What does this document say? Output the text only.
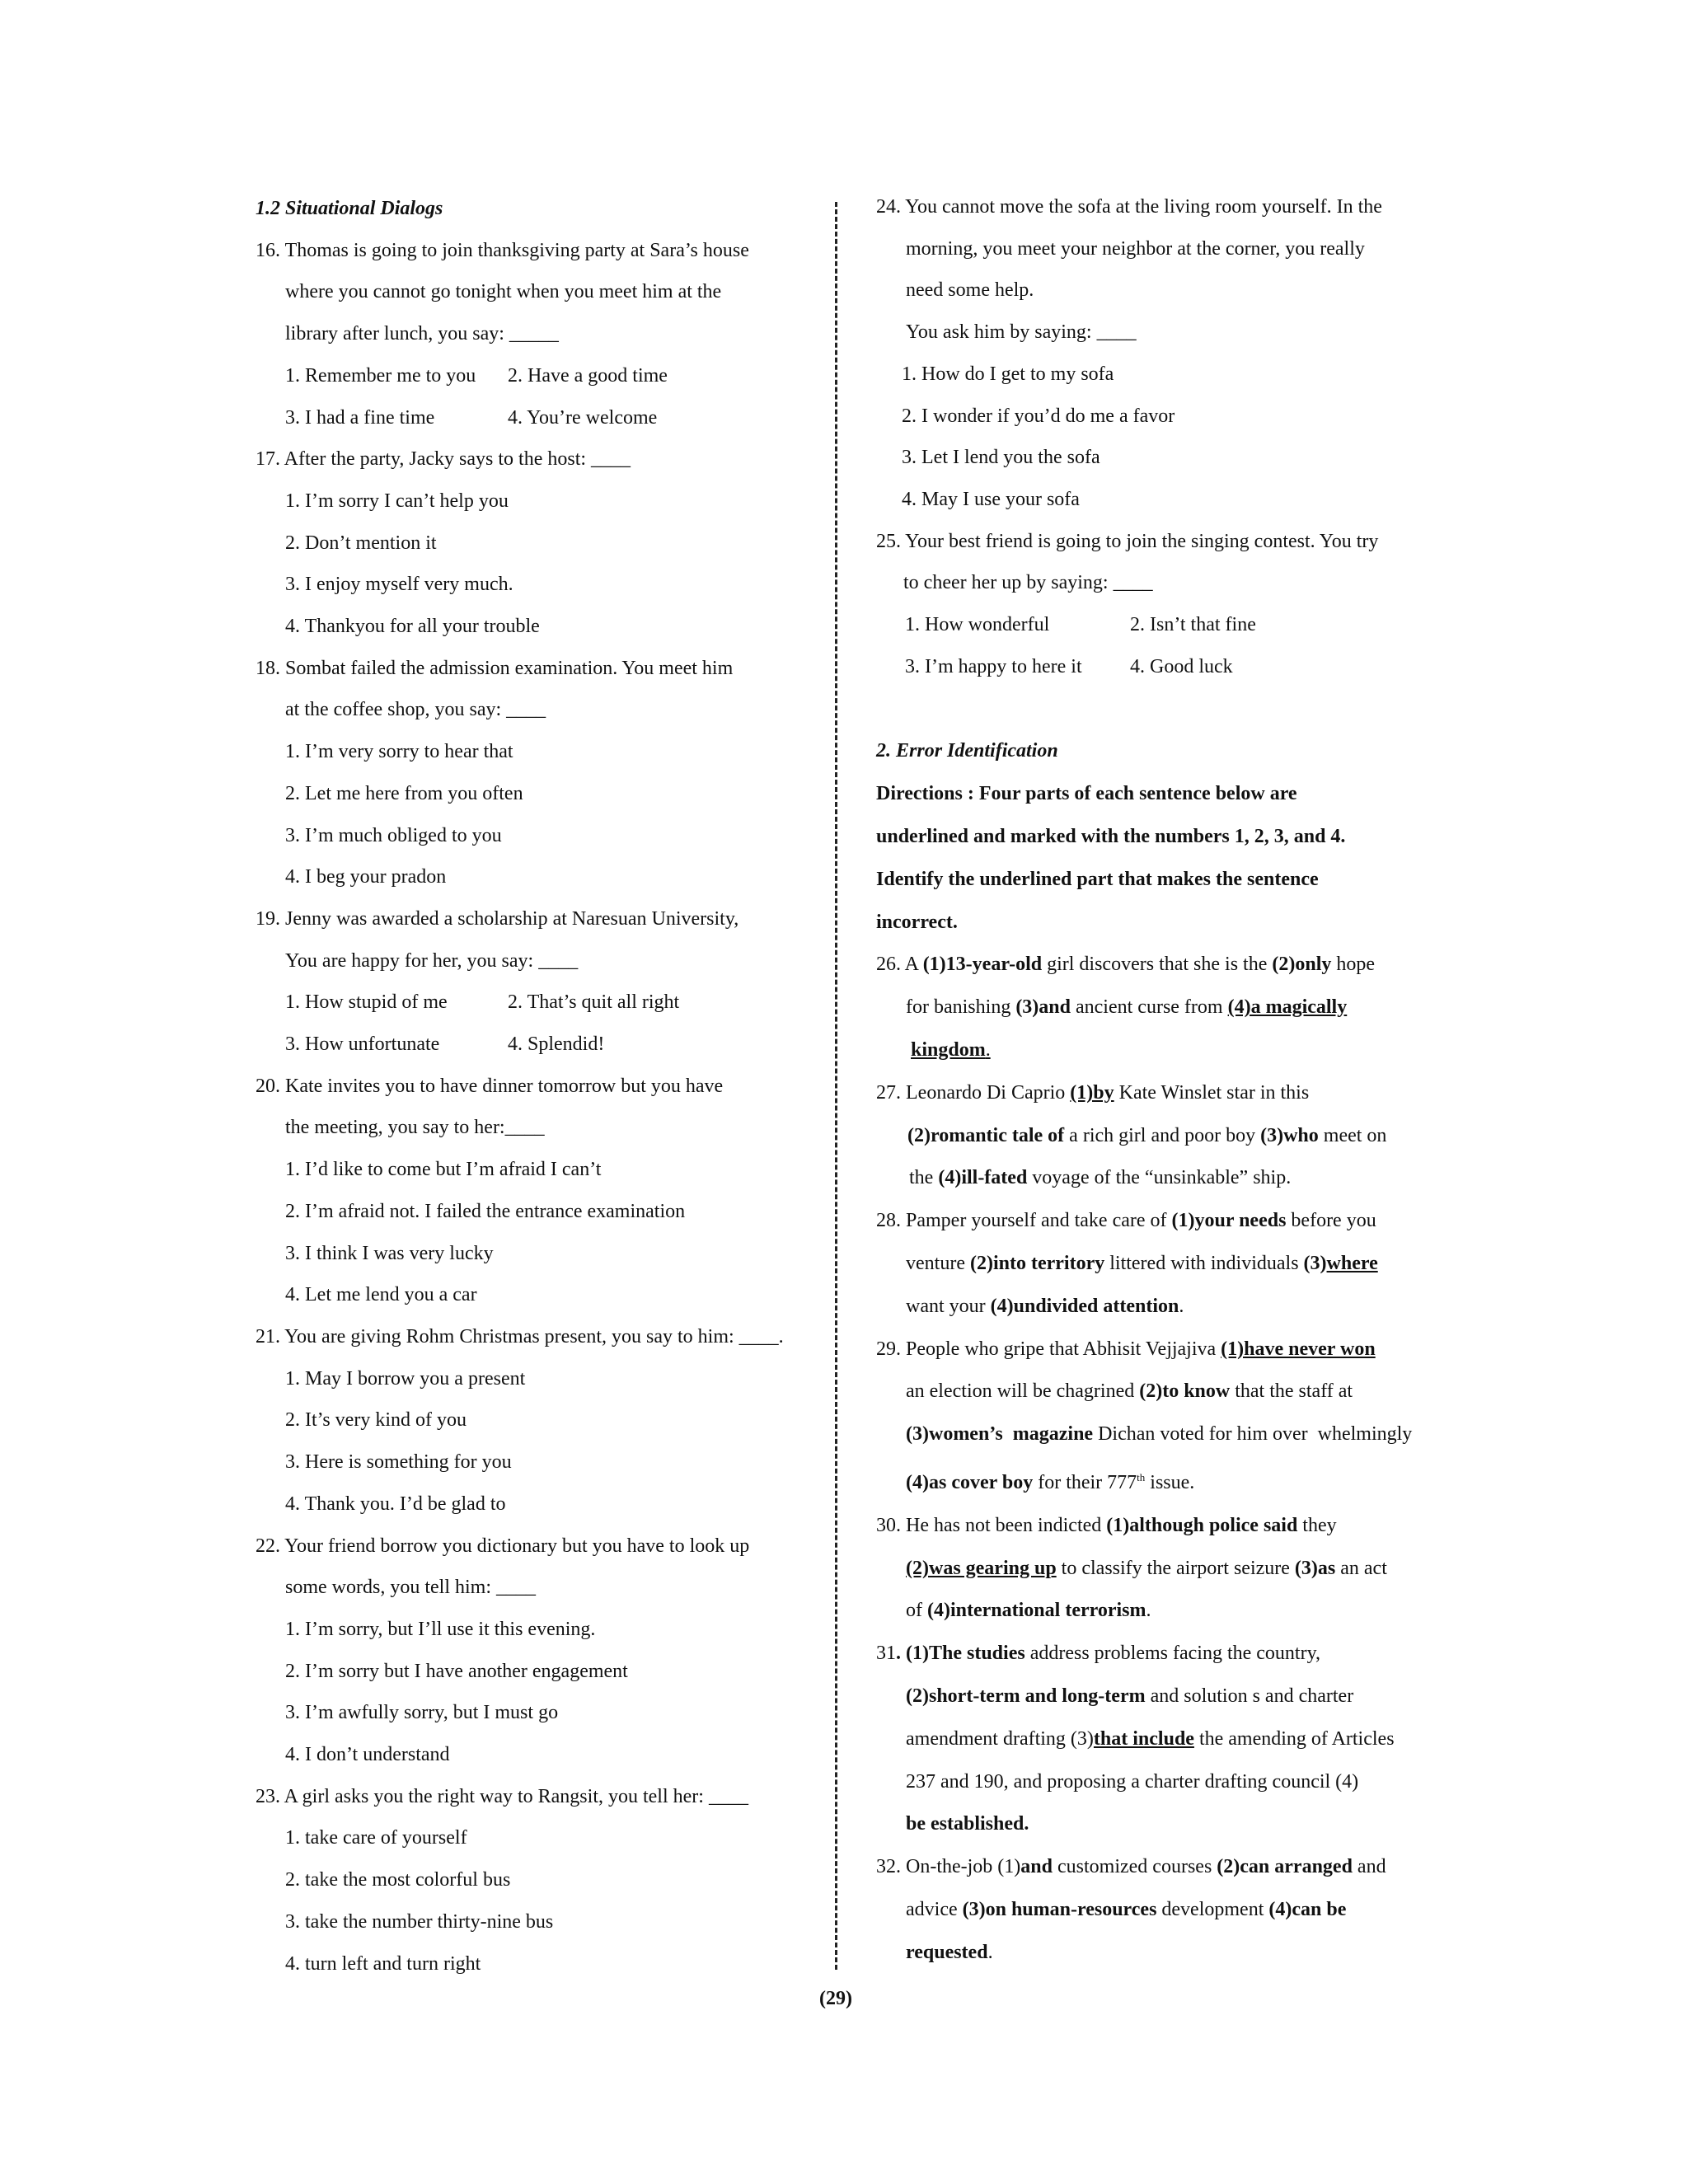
1.2 Situational Dialogs
16. Thomas is going to join thanksgiving party at Sara’s house
where you cannot go tonight when you meet him at the
library after lunch, you say: _____
1. Remember me to you 2. Have a good time
3. I had a fine time	4. You’re welcome
17. After the party, Jacky says to the host: ____
1. I’m sorry I can’t help you
2. Don’t mention it
3. I enjoy myself very much.
4. Thankyou for all your trouble
18. Sombat failed the admission examination. You meet him
at the coffee shop, you say: ____
1. I’m very sorry to hear that
2. Let me here from you often
3. I’m much obliged to you
4. I beg your pradon
19. Jenny was awarded a scholarship at Naresuan University,
You are happy for her, you say: ____
1. How stupid of me	2. That’s quit all right
3. How unfortunate	4. Splendid!
20. Kate invites you to have dinner tomorrow but you have
the meeting, you say to her:____
1. I’d like to come but I’m afraid I can’t
2. I’m afraid not. I failed the entrance examination
3. I think I was very lucky
4. Let me lend you a car
21. You are giving Rohm Christmas present, you say to him: ____.
1. May I borrow you a present
2. It’s very kind of you
3. Here is something for you
4. Thank you. I’d be glad to
22. Your friend borrow you dictionary but you have to look up
some words, you tell him: ____
1. I’m sorry, but I’ll use it this evening.
2. I’m sorry but I have another engagement
3. I’m awfully sorry, but I must go
4. I don’t understand
23. A girl asks you the right way to Rangsit, you tell her: ____
1. take care of yourself
2. take the most colorful bus
3. take the number thirty-nine bus
4. turn left and turn right
24. You cannot move the sofa at the living room yourself. In the
morning, you meet your neighbor at the corner, you really
need some help.
You ask him by saying: ____
1. How do I get to my sofa
2. I wonder if you’d do me a favor
3. Let I lend you the sofa
4. May I use your sofa
25. Your best friend is going to join the singing contest. You try
to cheer her up by saying: ____
1. How wonderful	2. Isn’t that fine
3. I’m happy to here it 4. Good luck
2. Error Identification
Directions : Four parts of each sentence below are
underlined and marked with the numbers 1, 2, 3, and 4.
Identify the underlined part that makes the sentence
incorrect.
26. A (1)13-year-old girl discovers that she is the (2)only hope
for banishing (3)and ancient curse from (4)a magically
kingdom.
27. Leonardo Di Caprio (1)by Kate Winslet star in this
(2)romantic tale of a rich girl and poor boy (3)who meet on
the (4)ill-fated voyage of the “unsinkable” ship.
28. Pamper yourself and take care of (1)your needs before you
venture (2)into territory littered with individuals (3)where
want your (4)undivided attention.
29. People who gripe that Abhisit Vejjajiva (1)have never won
an election will be chagrined (2)to know that the staff at
(3)women’s  magazine Dichan voted for him over  whelmingly
(4)as cover boy for their 777th issue.
30. He has not been indicted (1)although police said they
(2)was gearing up to classify the airport seizure (3)as an act
of (4)international terrorism.
31. (1)The studies address problems facing the country,
(2)short-term and long-term and solution s and charter
amendment drafting (3)that include the amending of Articles
237 and 190, and proposing a charter drafting council (4)
be established.
32. On-the-job (1)and customized courses (2)can arranged and
advice (3)on human-resources development (4)can be
requested.
(29)
